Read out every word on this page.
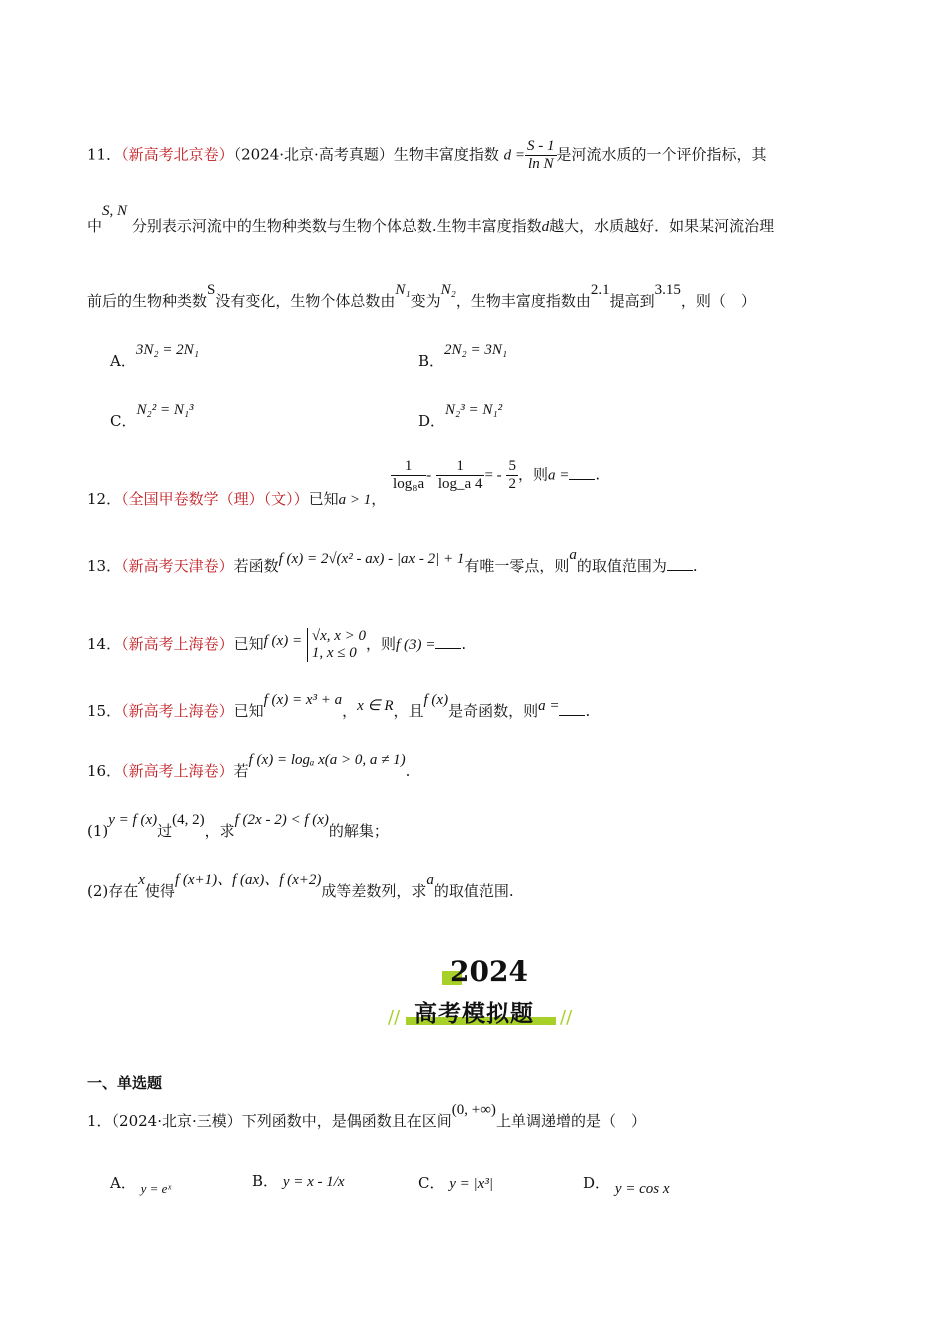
11．（新高考北京卷）（2024·北京·高考真题）生物丰富度指数 $d = \frac{S - 1}{\text{ln N}}$ 是河流水质的一个评价指标，其
中S, N 分别表示河流中的生物种类数与生物个体总数.生物丰富度指数d越大，水质越好．如果某河流治理
前后的生物种类数S没有变化，生物个体总数由N₁变为N₂，生物丰富度指数由2.1提高到3.15，则（　）
A．3N₂ = 2N₁
B．2N₂ = 3N₁
C．N₂² = N₁³
D．N₂³ = N₁²
12．（全国甲卷数学（理）（文））已知a > 1，
$\frac{1}{\text{log₈a}} - \frac{1}{\log\_a 4}$ = - $\frac{5}{2}$ ，则a = .
13．（新高考天津卷）若函数f (x) = 2√(x² - ax) - |ax - 2| + 1有唯一零点，则a的取值范围为 .
14．（新高考上海卷）已知f (x) = √x, x > 0
1, x ≤ 0 ，则f (3) = .
15．（新高考上海卷）已知f (x) = x³ + a，x ∈ R，且f (x)是奇函数，则a = .
16．（新高考上海卷）若f (x) = logₐ x(a > 0, a ≠ 1).
(1)y = f (x)过(4, 2)，求f (2x - 2) < f (x)的解集；
(2)存在x使得f (x+1)、f (ax)、f (x+2)成等差数列，求a的取值范围.
2024
高考模拟题
//	//
一、单选题
1．（2024·北京·三模）下列函数中，是偶函数且在区间(0, +∞)上单调递增的是（　）
A． y = eˣ	B． y = x - 1/x	C． y = |x³|	D． y = cos x
